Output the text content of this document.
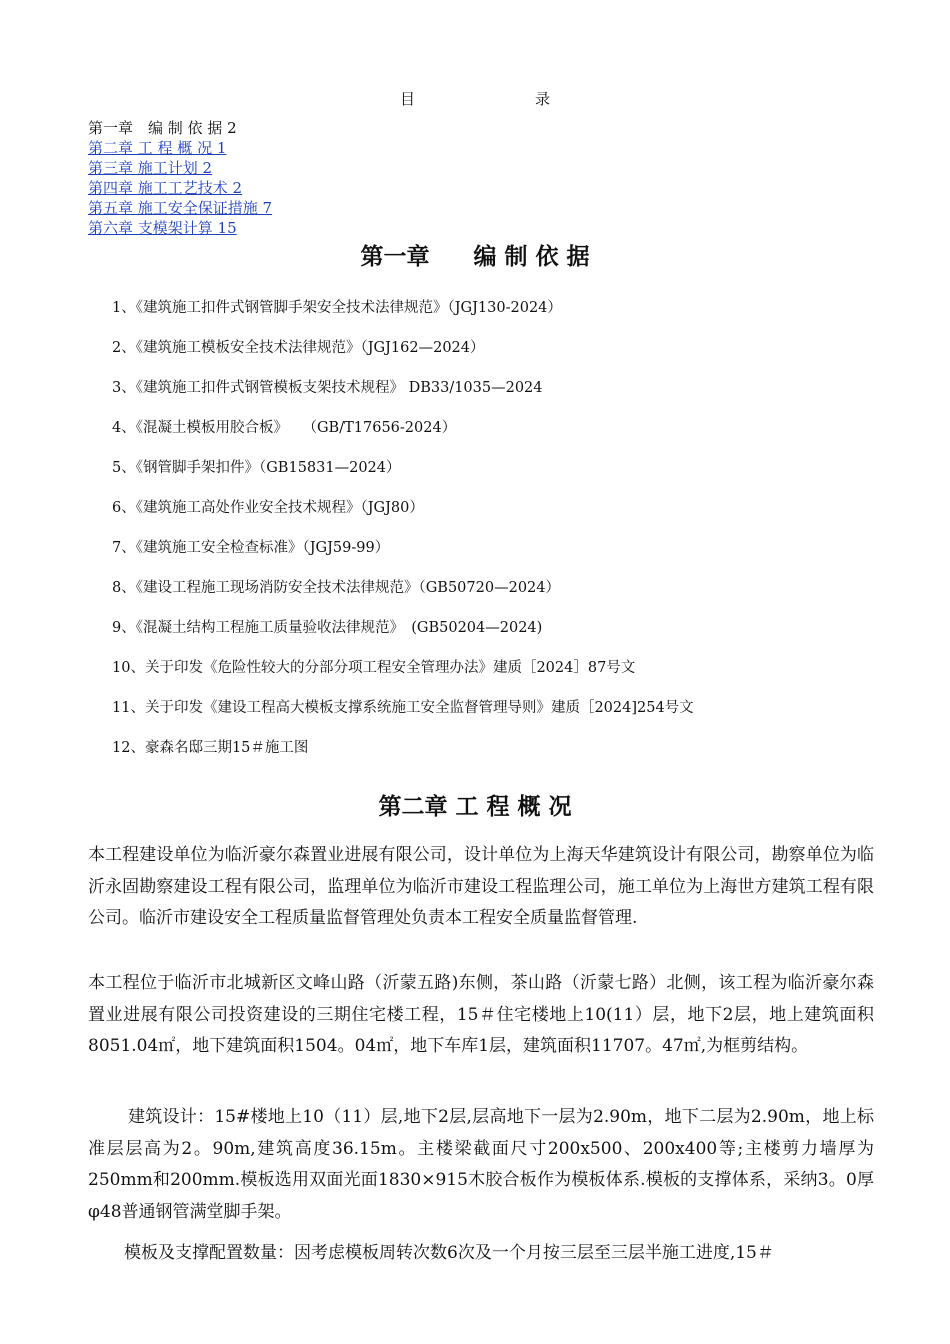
目	录
第一章　编 制 依 据 2
第二章 工 程 概 况 1
第三章 施工计划 2
第四章 施工工艺技术 2
第五章 施工安全保证措施 7
第六章 支模架计算 15
第一章 编 制 依 据
1、《建筑施工扣件式钢管脚手架安全技术法律规范》（JGJ130-2024）
2、《建筑施工模板安全技术法律规范》（JGJ162—2024）
3、《建筑施工扣件式钢管模板支架技术规程》 DB33/1035—2024
4、《混凝土模板用胶合板》　　（GB/T17656-2024）
5、《钢管脚手架扣件》（GB15831—2024）
6、《建筑施工高处作业安全技术规程》（JGJ80）
7、《建筑施工安全检查标准》（JGJ59-99）
8、《建设工程施工现场消防安全技术法律规范》（GB50720—2024）
9、《混凝土结构工程施工质量验收法律规范》　(GB50204—2024)
10、关于印发《危险性较大的分部分项工程安全管理办法》建质［2024］87号文
11、关于印发《建设工程高大模板支撑系统施工安全监督管理导则》建质［2024]254号文
12、豪森名邸三期15＃施工图
第二章 工 程 概 况
本工程建设单位为临沂豪尔森置业进展有限公司，设计单位为上海天华建筑设计有限公司，勘察单位为临沂永固勘察建设工程有限公司，监理单位为临沂市建设工程监理公司，施工单位为上海世方建筑工程有限公司。临沂市建设安全工程质量监督管理处负责本工程安全质量监督管理.
本工程位于临沂市北城新区文峰山路（沂蒙五路)东侧，茶山路（沂蒙七路）北侧，该工程为临沂豪尔森置业进展有限公司投资建设的三期住宅楼工程，15＃住宅楼地上10(11）层，地下2层，地上建筑面积8051.04㎡，地下建筑面积1504。04㎡，地下车库1层，建筑面积11707。47㎡,为框剪结构。
建筑设计：15#楼地上10（11）层,地下2层,层高地下一层为2.90m，地下二层为2.90m，地上标准层层高为2。90m,建筑高度36.15m。主楼梁截面尺寸200x500、200x400等;主楼剪力墙厚为250mm和200mm.模板选用双面光面1830×915木胶合板作为模板体系.模板的支撑体系，采纳3。0厚φ48普通钢管满堂脚手架。
模板及支撑配置数量：因考虑模板周转次数6次及一个月按三层至三层半施工进度,15＃
